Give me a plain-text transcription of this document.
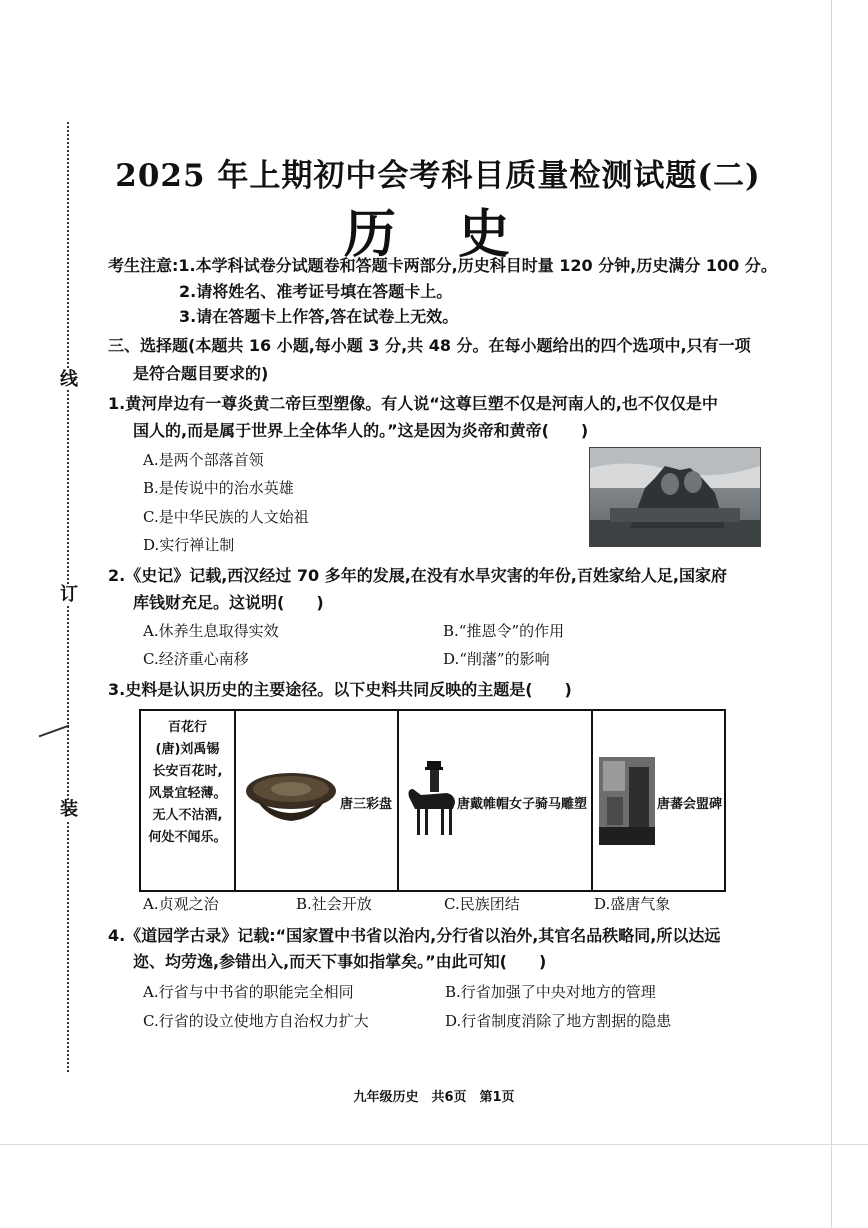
线
订
装
2025 年上期初中会考科目质量检测试题(二)
历 史
考生注意:1.本学科试卷分试题卷和答题卡两部分,历史科目时量 120 分钟,历史满分 100 分。
2.请将姓名、准考证号填在答题卡上。
3.请在答题卡上作答,答在试卷上无效。
三、选择题(本题共 16 小题,每小题 3 分,共 48 分。在每小题给出的四个选项中,只有一项
是符合题目要求的)
1.黄河岸边有一尊炎黄二帝巨型塑像。有人说“这尊巨塑不仅是河南人的,也不仅仅是中
国人的,而是属于世界上全体华人的。”这是因为炎帝和黄帝(　　)
A.是两个部落首领
B.是传说中的治水英雄
C.是中华民族的人文始祖
D.实行禅让制
2.《史记》记载,西汉经过 70 多年的发展,在没有水旱灾害的年份,百姓家给人足,国家府
库钱财充足。这说明(　　)
A.休养生息取得实效	B.“推恩令”的作用
C.经济重心南移	D.“削藩”的影响
3.史料是认识历史的主要途径。以下史料共同反映的主题是(　　)
百花行
(唐)刘禹锡
长安百花时,
风景宜轻薄。
无人不沽酒,
何处不闻乐。
唐三彩盘	唐戴帷帽女子骑马雕塑	唐蕃会盟碑
A.贞观之治	B.社会开放	C.民族团结	D.盛唐气象
4.《道园学古录》记载:“国家置中书省以治内,分行省以治外,其官名品秩略同,所以达远
迩、均劳逸,参错出入,而天下事如指掌矣。”由此可知(　　)
A.行省与中书省的职能完全相同	B.行省加强了中央对地方的管理
C.行省的设立使地方自治权力扩大	D.行省制度消除了地方割据的隐患
九年级历史　共6页　第1页
